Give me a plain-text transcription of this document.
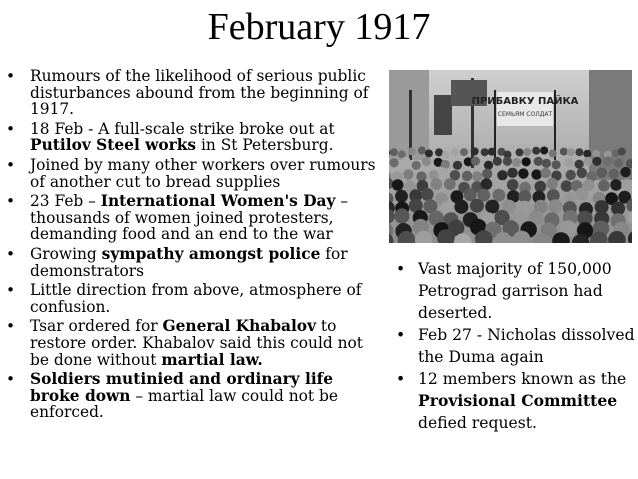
February 1917
• Rumours of the likelihood of serious public disturbances abound from the beginning of 1917.
• 18 Feb - A full-scale strike broke out at Putilov Steel works in St Petersburg.
• Joined by many other workers over rumours of another cut to bread supplies
• 23 Feb – International Women's Day – thousands of women joined protesters, demanding food and an end to the war
• Growing sympathy amongst police for demonstrators
• Little direction from above, atmosphere of confusion.
• Tsar ordered for General Khabalov to restore order. Khabalov said this could not be done without martial law.
• Soldiers mutinied and ordinary life broke down – martial law could not be enforced.
ПРИБАВКУ ПАЙКА
СЕМЬЯМ СОЛДАТ
• Vast majority of 150,000 Petrograd garrison had deserted.
• Feb 27 - Nicholas dissolved the Duma again
• 12 members known as the Provisional Committee defied request.
